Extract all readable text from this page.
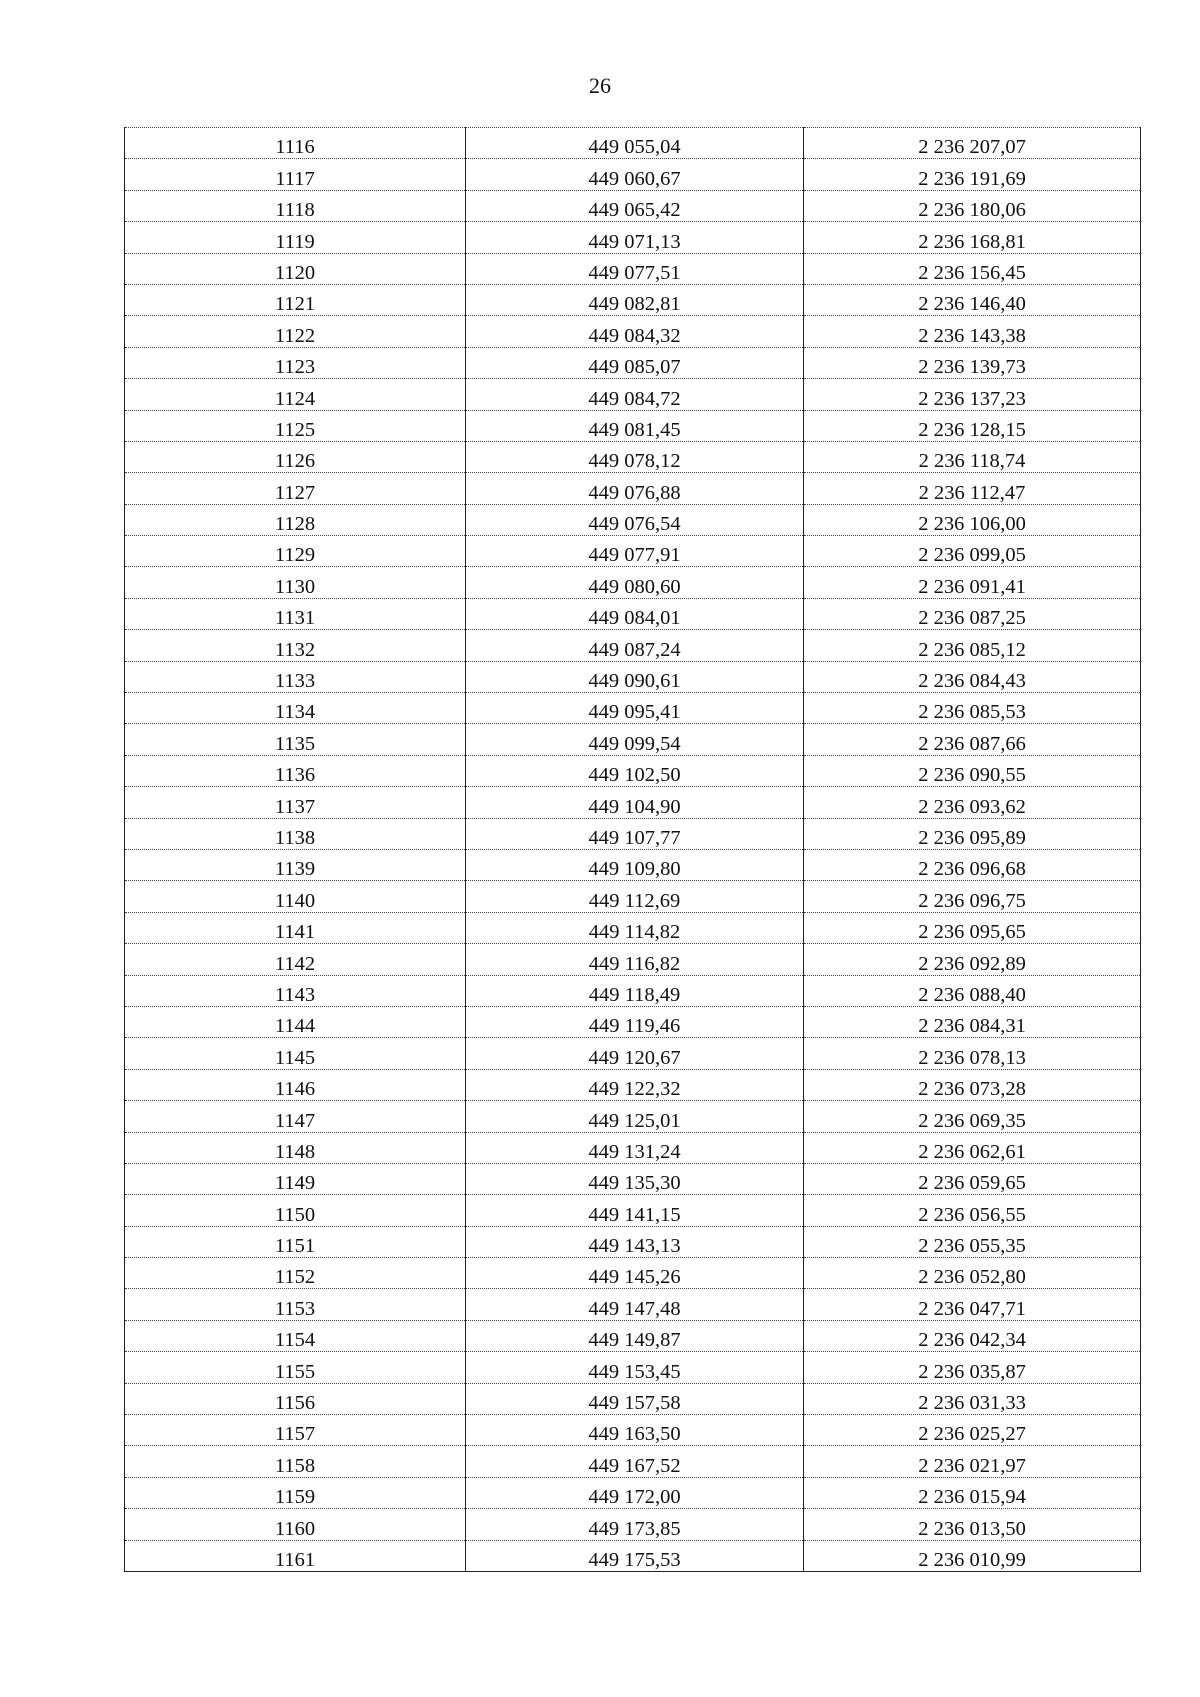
26
1116	449 055,04	2 236 207,07
1117	449 060,67	2 236 191,69
1118	449 065,42	2 236 180,06
1119	449 071,13	2 236 168,81
1120	449 077,51	2 236 156,45
1121	449 082,81	2 236 146,40
1122	449 084,32	2 236 143,38
1123	449 085,07	2 236 139,73
1124	449 084,72	2 236 137,23
1125	449 081,45	2 236 128,15
1126	449 078,12	2 236 118,74
1127	449 076,88	2 236 112,47
1128	449 076,54	2 236 106,00
1129	449 077,91	2 236 099,05
1130	449 080,60	2 236 091,41
1131	449 084,01	2 236 087,25
1132	449 087,24	2 236 085,12
1133	449 090,61	2 236 084,43
1134	449 095,41	2 236 085,53
1135	449 099,54	2 236 087,66
1136	449 102,50	2 236 090,55
1137	449 104,90	2 236 093,62
1138	449 107,77	2 236 095,89
1139	449 109,80	2 236 096,68
1140	449 112,69	2 236 096,75
1141	449 114,82	2 236 095,65
1142	449 116,82	2 236 092,89
1143	449 118,49	2 236 088,40
1144	449 119,46	2 236 084,31
1145	449 120,67	2 236 078,13
1146	449 122,32	2 236 073,28
1147	449 125,01	2 236 069,35
1148	449 131,24	2 236 062,61
1149	449 135,30	2 236 059,65
1150	449 141,15	2 236 056,55
1151	449 143,13	2 236 055,35
1152	449 145,26	2 236 052,80
1153	449 147,48	2 236 047,71
1154	449 149,87	2 236 042,34
1155	449 153,45	2 236 035,87
1156	449 157,58	2 236 031,33
1157	449 163,50	2 236 025,27
1158	449 167,52	2 236 021,97
1159	449 172,00	2 236 015,94
1160	449 173,85	2 236 013,50
1161	449 175,53	2 236 010,99
